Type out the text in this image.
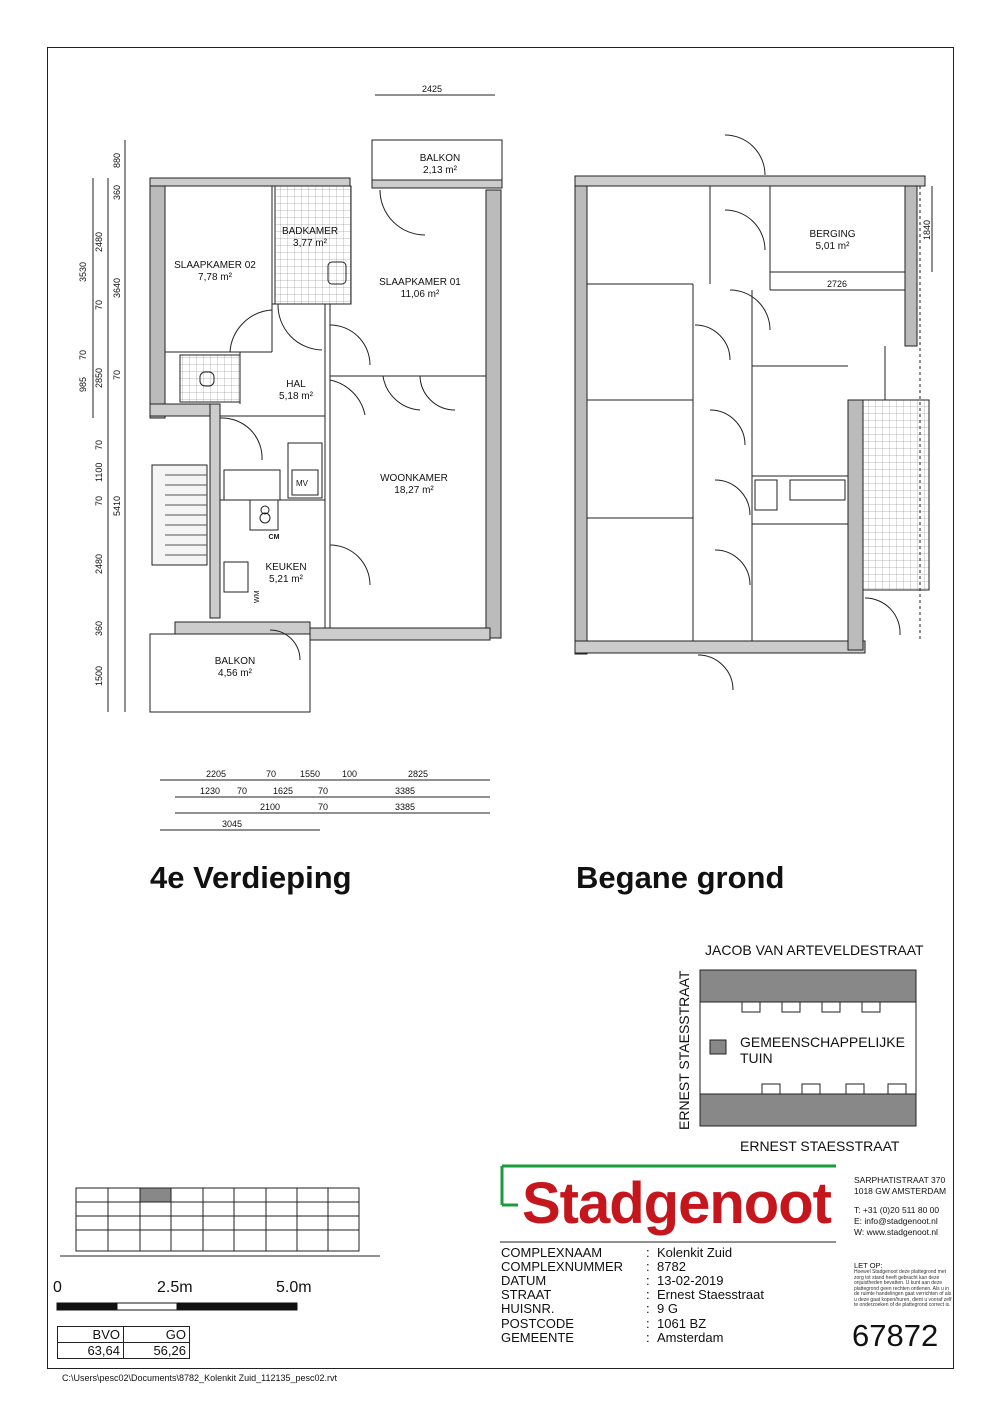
BALKON
2,13 m²
BADKAMER
3,77 m²
SLAAPKAMER 02
7,78 m²	SLAAPKAMER 01
11,06 m²
HAL
5,18 m²
WOONKAMER
18,27 m²
KEUKEN
5,21 m²
BALKON
4,56 m²
MV
CM
WM
2425
880
360
2480
3530
3640
70
70
985 2850 70
70
1100
70 5410
2480
360
1500
2205	70	1550 100	2825
1230 70	1625	70	3385
2100	70	3385
3045
BERGING
5,01 m²
2726
1840
4e Verdieping	Begane grond
JACOB VAN ARTEVELDESTRAAT
ERNEST STAESSTRAAT
ERNEST STAESSTRAAT
GEMEENSCHAPPELIJKE
TUIN
Stadgenoot	SARPHATISTRAAT 370
1018 GW AMSTERDAM
T: +31 (0)20 511 80 00
E: info@stadgenoot.nl
W: www.stadgenoot.nl
COMPLEXNAAM	: Kolenkit Zuid
COMPLEXNUMMER : 8782
DATUM	: 13-02-2019
STRAAT	: Ernest Staesstraat
HUISNR.	: 9 G
POSTCODE	: 1061 BZ
GEMEENTE	: Amsterdam
LET OP:
Hoewel Stadgenoot deze plattegrond met zorg tot stand heeft gebracht kan deze onjuistheden bevatten. U kunt aan deze plattegrond geen rechten ontlenen. Als u in de ruimte handelingen gaat verrichten of als u deze gaat kopen/huren, dient u vooraf zelf te onderzoeken of de plattegrond correct is.
67872
0	2.5m	5.0m
BVO	GO
63,64	56,26
C:\Users\pesc02\Documents\8782_Kolenkit Zuid_112135_pesc02.rvt
